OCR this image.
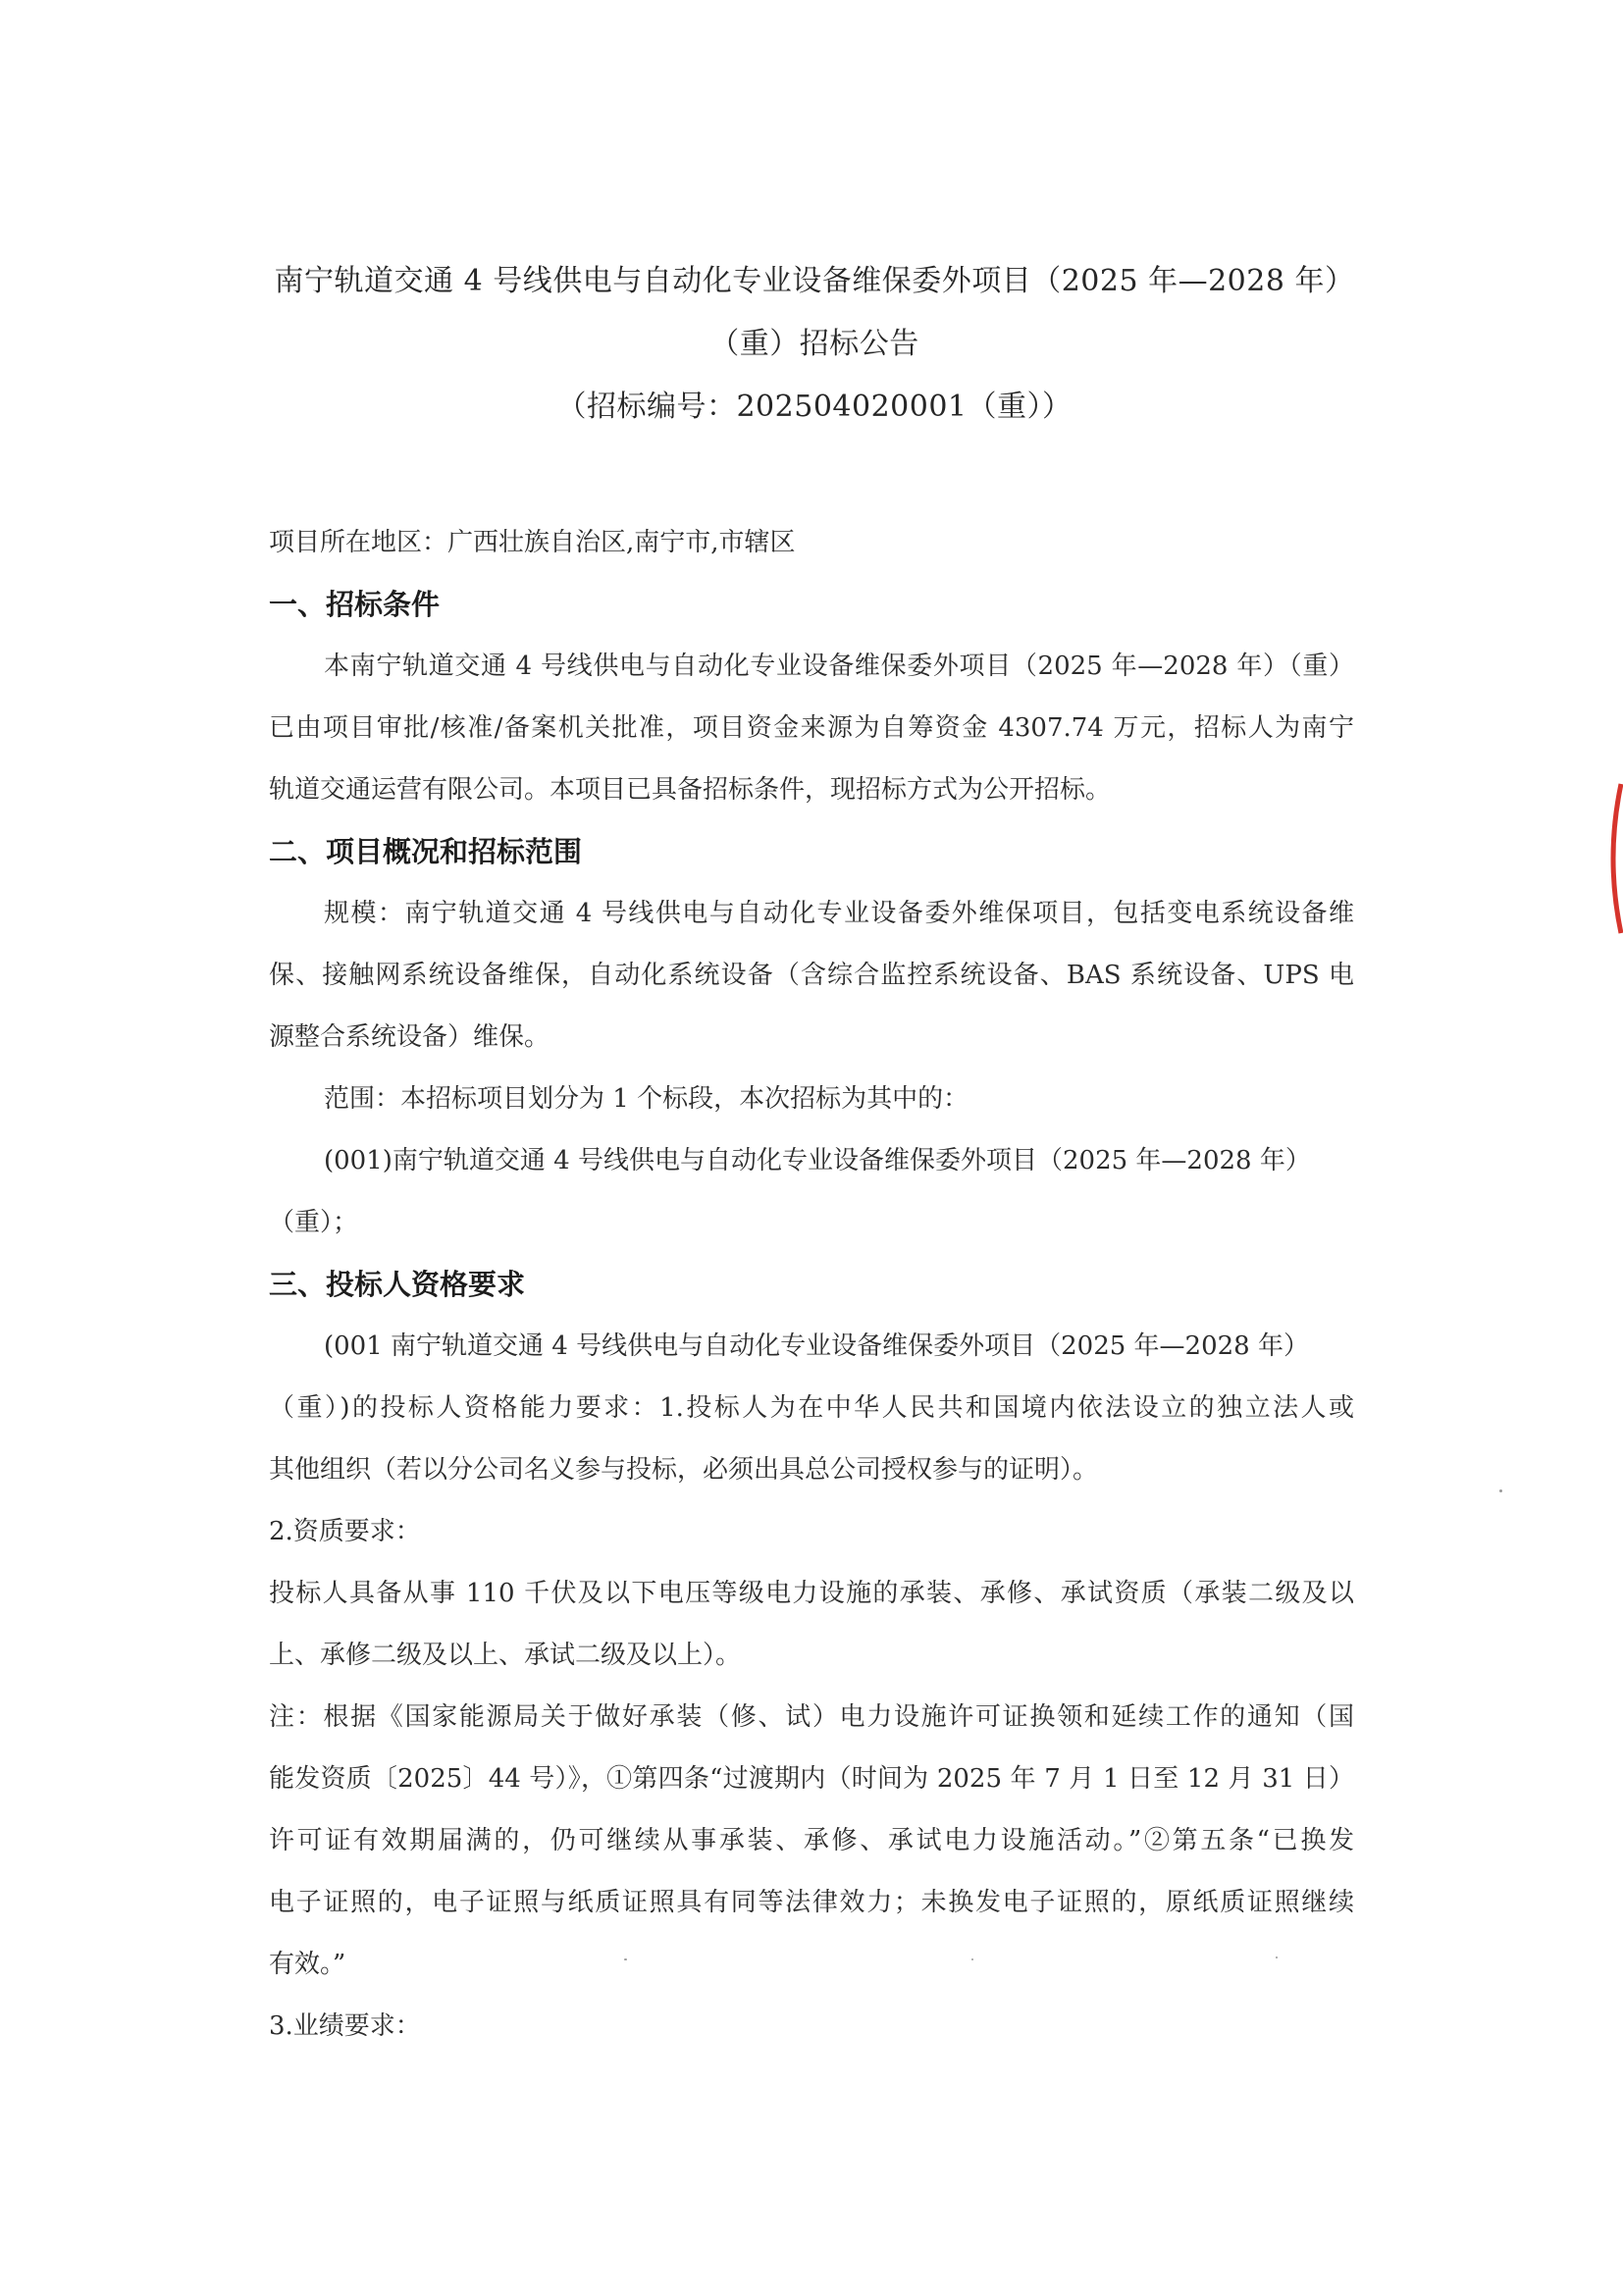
南宁轨道交通 4 号线供电与自动化专业设备维保委外项目（2025 年—2028 年）
（重）招标公告
（招标编号：202504020001（重））
项目所在地区：广西壮族自治区,南宁市,市辖区
一、招标条件
本南宁轨道交通 4 号线供电与自动化专业设备维保委外项目（2025 年—2028 年）（重）
已由项目审批/核准/备案机关批准，项目资金来源为自筹资金 4307.74 万元，招标人为南宁
轨道交通运营有限公司。本项目已具备招标条件，现招标方式为公开招标。
二、项目概况和招标范围
规模：南宁轨道交通 4 号线供电与自动化专业设备委外维保项目，包括变电系统设备维
保、接触网系统设备维保，自动化系统设备（含综合监控系统设备、BAS 系统设备、UPS 电
源整合系统设备）维保。
范围：本招标项目划分为 1 个标段，本次招标为其中的：
(001)南宁轨道交通 4 号线供电与自动化专业设备维保委外项目（2025 年—2028 年）
（重）；
三、投标人资格要求
(001 南宁轨道交通 4 号线供电与自动化专业设备维保委外项目（2025 年—2028 年）
（重）)的投标人资格能力要求：1.投标人为在中华人民共和国境内依法设立的独立法人或
其他组织（若以分公司名义参与投标，必须出具总公司授权参与的证明）。
2.资质要求：
投标人具备从事 110 千伏及以下电压等级电力设施的承装、承修、承试资质（承装二级及以
上、承修二级及以上、承试二级及以上）。
注：根据《国家能源局关于做好承装（修、试）电力设施许可证换领和延续工作的通知（国
能发资质〔2025〕44 号）》，①第四条“过渡期内（时间为 2025 年 7 月 1 日至 12 月 31 日）
许可证有效期届满的，仍可继续从事承装、承修、承试电力设施活动。”②第五条“已换发
电子证照的，电子证照与纸质证照具有同等法律效力；未换发电子证照的，原纸质证照继续
有效。”
3.业绩要求：
